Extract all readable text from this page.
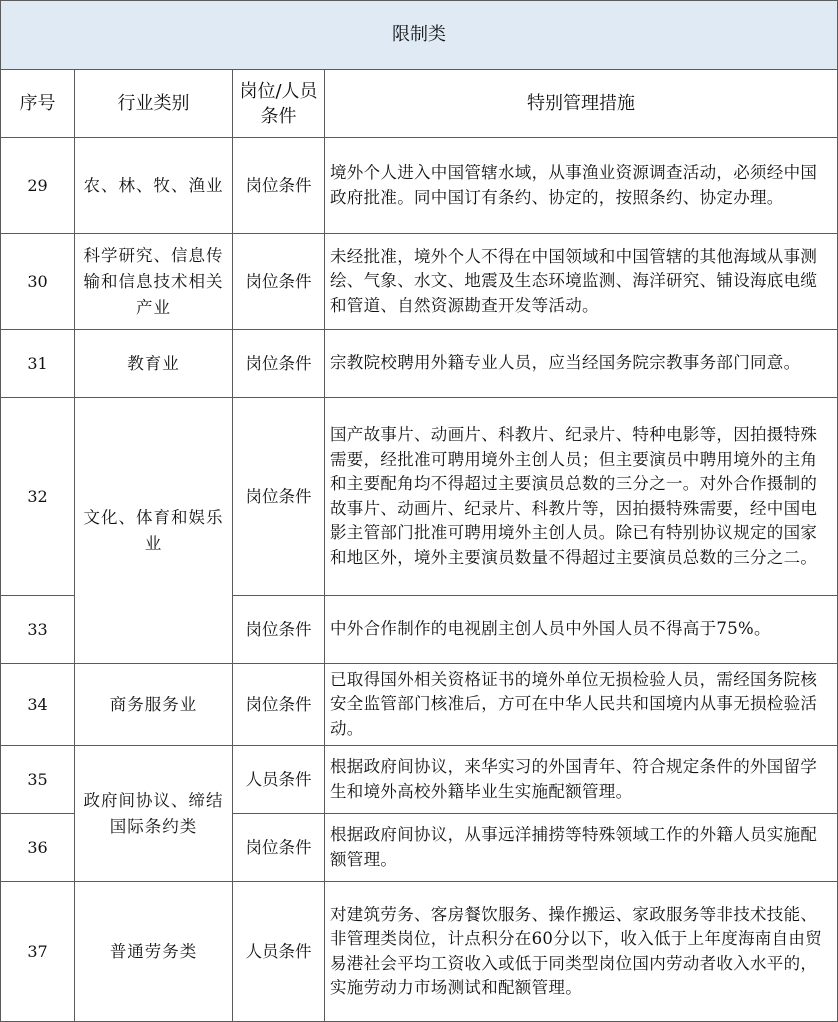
限制类			
序号	行业类别	岗位/人员条件	特别管理措施
29	农、林、牧、渔业	岗位条件	境外个人进入中国管辖水域，从事渔业资源调查活动，必须经中国政府批准。同中国订有条约、协定的，按照条约、协定办理。
30	科学研究、信息传输和信息技术相关产业	岗位条件	未经批准，境外个人不得在中国领域和中国管辖的其他海域从事测绘、气象、水文、地震及生态环境监测、海洋研究、铺设海底电缆和管道、自然资源勘查开发等活动。
31	教育业	岗位条件	宗教院校聘用外籍专业人员，应当经国务院宗教事务部门同意。
32	文化、体育和娱乐业	岗位条件	国产故事片、动画片、科教片、纪录片、特种电影等，因拍摄特殊需要，经批准可聘用境外主创人员；但主要演员中聘用境外的主角和主要配角均不得超过主要演员总数的三分之一。对外合作摄制的故事片、动画片、纪录片、科教片等，因拍摄特殊需要，经中国电影主管部门批准可聘用境外主创人员。除已有特别协议规定的国家和地区外，境外主要演员数量不得超过主要演员总数的三分之二。
33		岗位条件	中外合作制作的电视剧主创人员中外国人员不得高于75%。
34	商务服务业	岗位条件	已取得国外相关资格证书的境外单位无损检验人员，需经国务院核安全监管部门核准后，方可在中华人民共和国境内从事无损检验活动。
35	政府间协议、缔结国际条约类	人员条件	根据政府间协议，来华实习的外国青年、符合规定条件的外国留学生和境外高校外籍毕业生实施配额管理。
36		岗位条件	根据政府间协议，从事远洋捕捞等特殊领域工作的外籍人员实施配额管理。
37	普通劳务类	人员条件	对建筑劳务、客房餐饮服务、操作搬运、家政服务等非技术技能、非管理类岗位，计点积分在60分以下，收入低于上年度海南自由贸易港社会平均工资收入或低于同类型岗位国内劳动者收入水平的，实施劳动力市场测试和配额管理。
